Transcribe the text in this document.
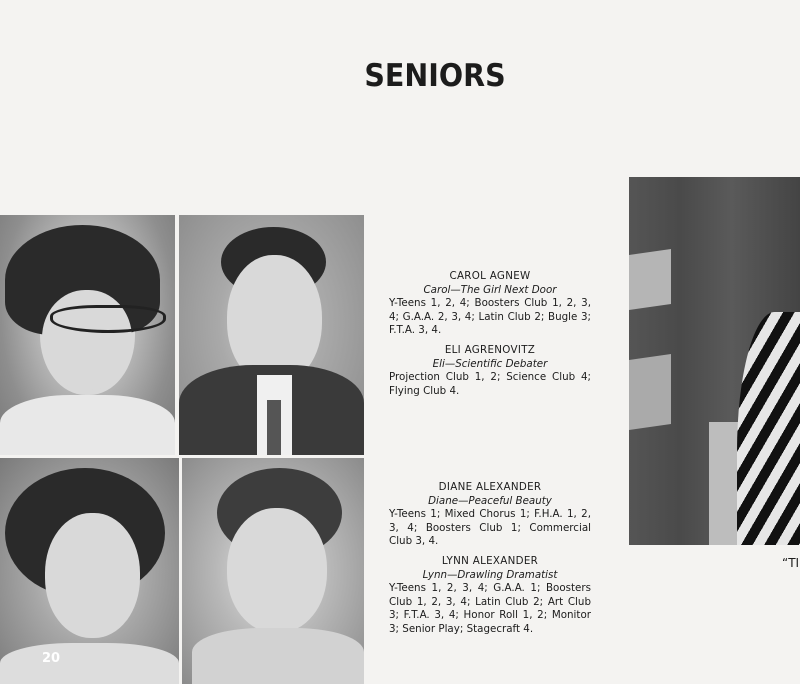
SENIORS
CAROL AGNEW
Carol—The Girl Next Door
Y-Teens 1, 2, 4; Boosters Club 1, 2, 3, 4; G.A.A. 2, 3, 4; Latin Club 2; Bugle 3; F.T.A. 3, 4.
ELI AGRENOVITZ
Eli—Scientific Debater
Projection Club 1, 2; Science Club 4; Flying Club 4.
DIANE ALEXANDER
Diane—Peaceful Beauty
Y-Teens 1; Mixed Chorus 1; F.H.A. 1, 2, 3, 4; Boosters Club 1; Commercial Club 3, 4.
LYNN ALEXANDER
Lynn—Drawling Dramatist
Y-Teens 1, 2, 3, 4; G.A.A. 1; Boosters Club 1, 2, 3, 4; Latin Club 2; Art Club 3; F.T.A. 3, 4; Honor Roll 1, 2; Monitor 3; Senior Play; Stagecraft 4.
20
“TI
